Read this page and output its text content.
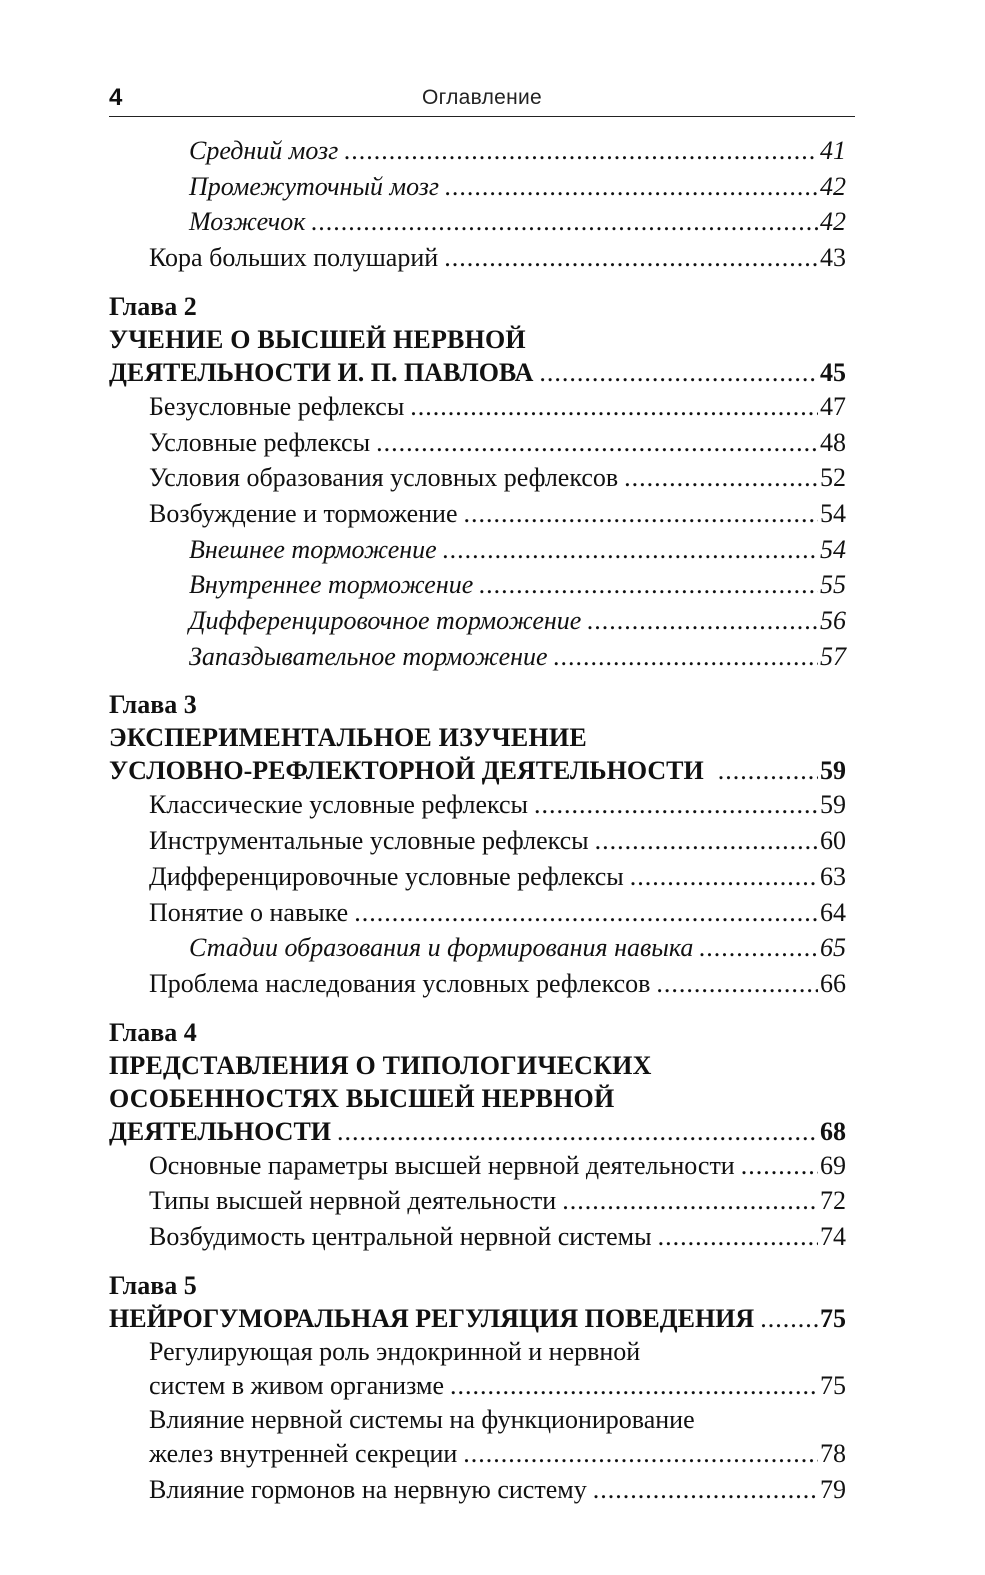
4	Оглавление
Средний мозг .....	41
Промежуточный мозг .....	42
Мозжечок .....	42
Кора больших полушарий .....	43
Глава 2
УЧЕНИЕ О ВЫСШЕЙ НЕРВНОЙ
ДЕЯТЕЛЬНОСТИ И. П. ПАВЛОВА .....	45
Безусловные рефлексы .....	47
Условные рефлексы .....	48
Условия образования условных рефлексов .....	52
Возбуждение и торможение .....	54
Внешнее торможение .....	54
Внутреннее торможение .....	55
Дифференцировочное торможение .....	56
Запаздывательное торможение .....	57
Глава 3
ЭКСПЕРИМЕНТАЛЬНОЕ ИЗУЧЕНИЕ
УСЛОВНО-РЕФЛЕКТОРНОЙ ДЕЯТЕЛЬНОСТИ .....	59
Классические условные рефлексы .....	59
Инструментальные условные рефлексы .....	60
Дифференцировочные условные рефлексы .....	63
Понятие о навыке .....	64
Стадии образования и формирования навыка .....	65
Проблема наследования условных рефлексов .....	66
Глава 4
ПРЕДСТАВЛЕНИЯ О ТИПОЛОГИЧЕСКИХ
ОСОБЕННОСТЯХ ВЫСШЕЙ НЕРВНОЙ
ДЕЯТЕЛЬНОСТИ .....	68
Основные параметры высшей нервной деятельности .....	69
Типы высшей нервной деятельности .....	72
Возбудимость центральной нервной системы .....	74
Глава 5
НЕЙРОГУМОРАЛЬНАЯ РЕГУЛЯЦИЯ ПОВЕДЕНИЯ .....	75
Регулирующая роль эндокринной и нервной
систем в живом организме .....	75
Влияние нервной системы на функционирование
желез внутренней секреции .....	78
Влияние гормонов на нервную систему .....	79
